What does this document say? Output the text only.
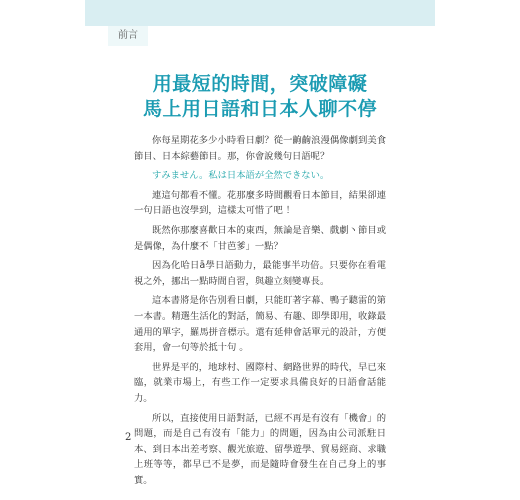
前言
用最短的時間，突破障礙
馬上用日語和日本人聊不停

你每星期花多少小時看日劇？從一齣齣浪漫偶像劇到美食節目、日本綜藝節目。那，你會說幾句日語呢？

すみません。私は日本語が全然できない。

連這句都看不懂。花那麼多時間觀看日本節目，結果卻連一句日語也沒學到，這樣太可惜了吧 ！

既然你那麼喜歡日本的東西，無論是音樂、戲劇丶節目或是偶像，為什麼不「甘芭爹」一點？

因為化哈日ā學日語動力，最能事半功倍。只要你在看電視之外，挪出一點時間自習，與趣立刻變專長。

這本書將是你告別看日劇，只能盯著字幕、鴨子聽雷的第一本書。精選生活化的對話，簡易、有趣、即學即用，收錄最通用的單字，羅馬拼音標示。還有延伸會話單元的設計，方便套用，會一句等於抵十句 。

世界是平的，地球村、國際村、網路世界的時代，早已來臨，就業市場上，有些工作一定要求具備良好的日語會話能力。

所以，直接使用日語對話，已經不再是有沒有「機會」的問題，而是自己有沒有「能力」的問題，因為由公司派駐日本、到日本出差考察、觀光旅遊、留學遊學、貿易經商、求職上班等等，都早已不是夢，而是隨時會發生在自己身上的事實。

2
